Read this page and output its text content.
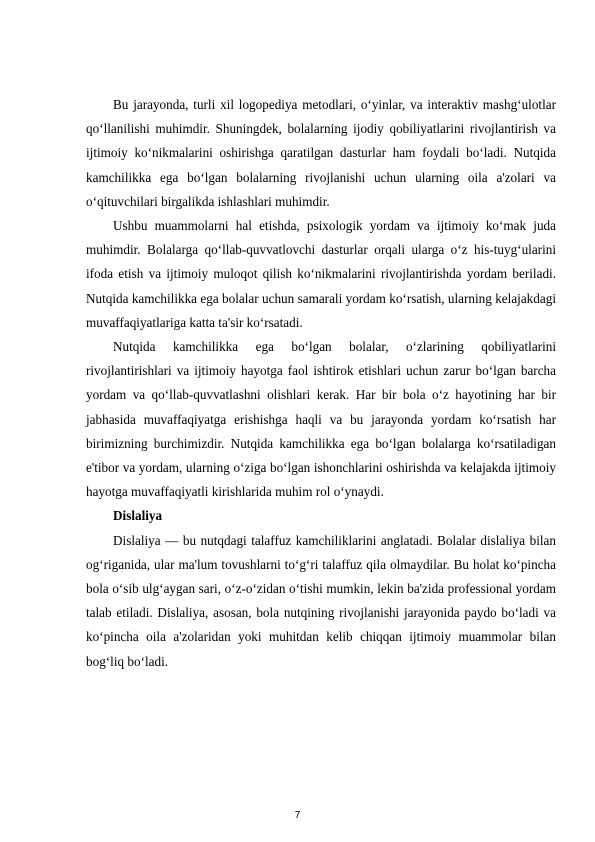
Bu jarayonda, turli xil logopediya metodlari, o‘yinlar, va interaktiv mashg‘ulotlar qo‘llanilishi muhimdir. Shuningdek, bolalarning ijodiy qobiliyatlarini rivojlantirish va ijtimoiy ko‘nikmalarini oshirishga qaratilgan dasturlar ham foydali bo‘ladi. Nutqida kamchilikka ega bo‘lgan bolalarning rivojlanishi uchun ularning oila a'zolari va o‘qituvchilari birgalikda ishlashlari muhimdir.

Ushbu muammolarni hal etishda, psixologik yordam va ijtimoiy ko‘mak juda muhimdir. Bolalarga qo‘llab-quvvatlovchi dasturlar orqali ularga o‘z his-tuyg‘ularini ifoda etish va ijtimoiy muloqot qilish ko‘nikmalarini rivojlantirishda yordam beriladi. Nutqida kamchilikka ega bolalar uchun samarali yordam ko‘rsatish, ularning kelajakdagi muvaffaqiyatlariga katta ta'sir ko‘rsatadi.

Nutqida kamchilikka ega bo‘lgan bolalar, o‘zlarining qobiliyatlarini rivojlantirishlari va ijtimoiy hayotga faol ishtirok etishlari uchun zarur bo‘lgan barcha yordam va qo‘llab-quvvatlashni olishlari kerak. Har bir bola o‘z hayotining har bir jabhasida muvaffaqiyatga erishishga haqli va bu jarayonda yordam ko‘rsatish har birimizning burchimizdir. Nutqida kamchilikka ega bo‘lgan bolalarga ko‘rsatiladigan e'tibor va yordam, ularning o‘ziga bo‘lgan ishonchlarini oshirishda va kelajakda ijtimoiy hayotga muvaffaqiyatli kirishlarida muhim rol o‘ynaydi.

Dislaliya

Dislaliya — bu nutqdagi talaffuz kamchiliklarini anglatadi. Bolalar dislaliya bilan og‘riganida, ular ma'lum tovushlarni to‘g‘ri talaffuz qila olmaydilar. Bu holat ko‘pincha bola o‘sib ulg‘aygan sari, o‘z-o‘zidan o‘tishi mumkin, lekin ba'zida professional yordam talab etiladi. Dislaliya, asosan, bola nutqining rivojlanishi jarayonida paydo bo‘ladi va ko‘pincha oila a'zolaridan yoki muhitdan kelib chiqqan ijtimoiy muammolar bilan bog‘liq bo‘ladi.

7
